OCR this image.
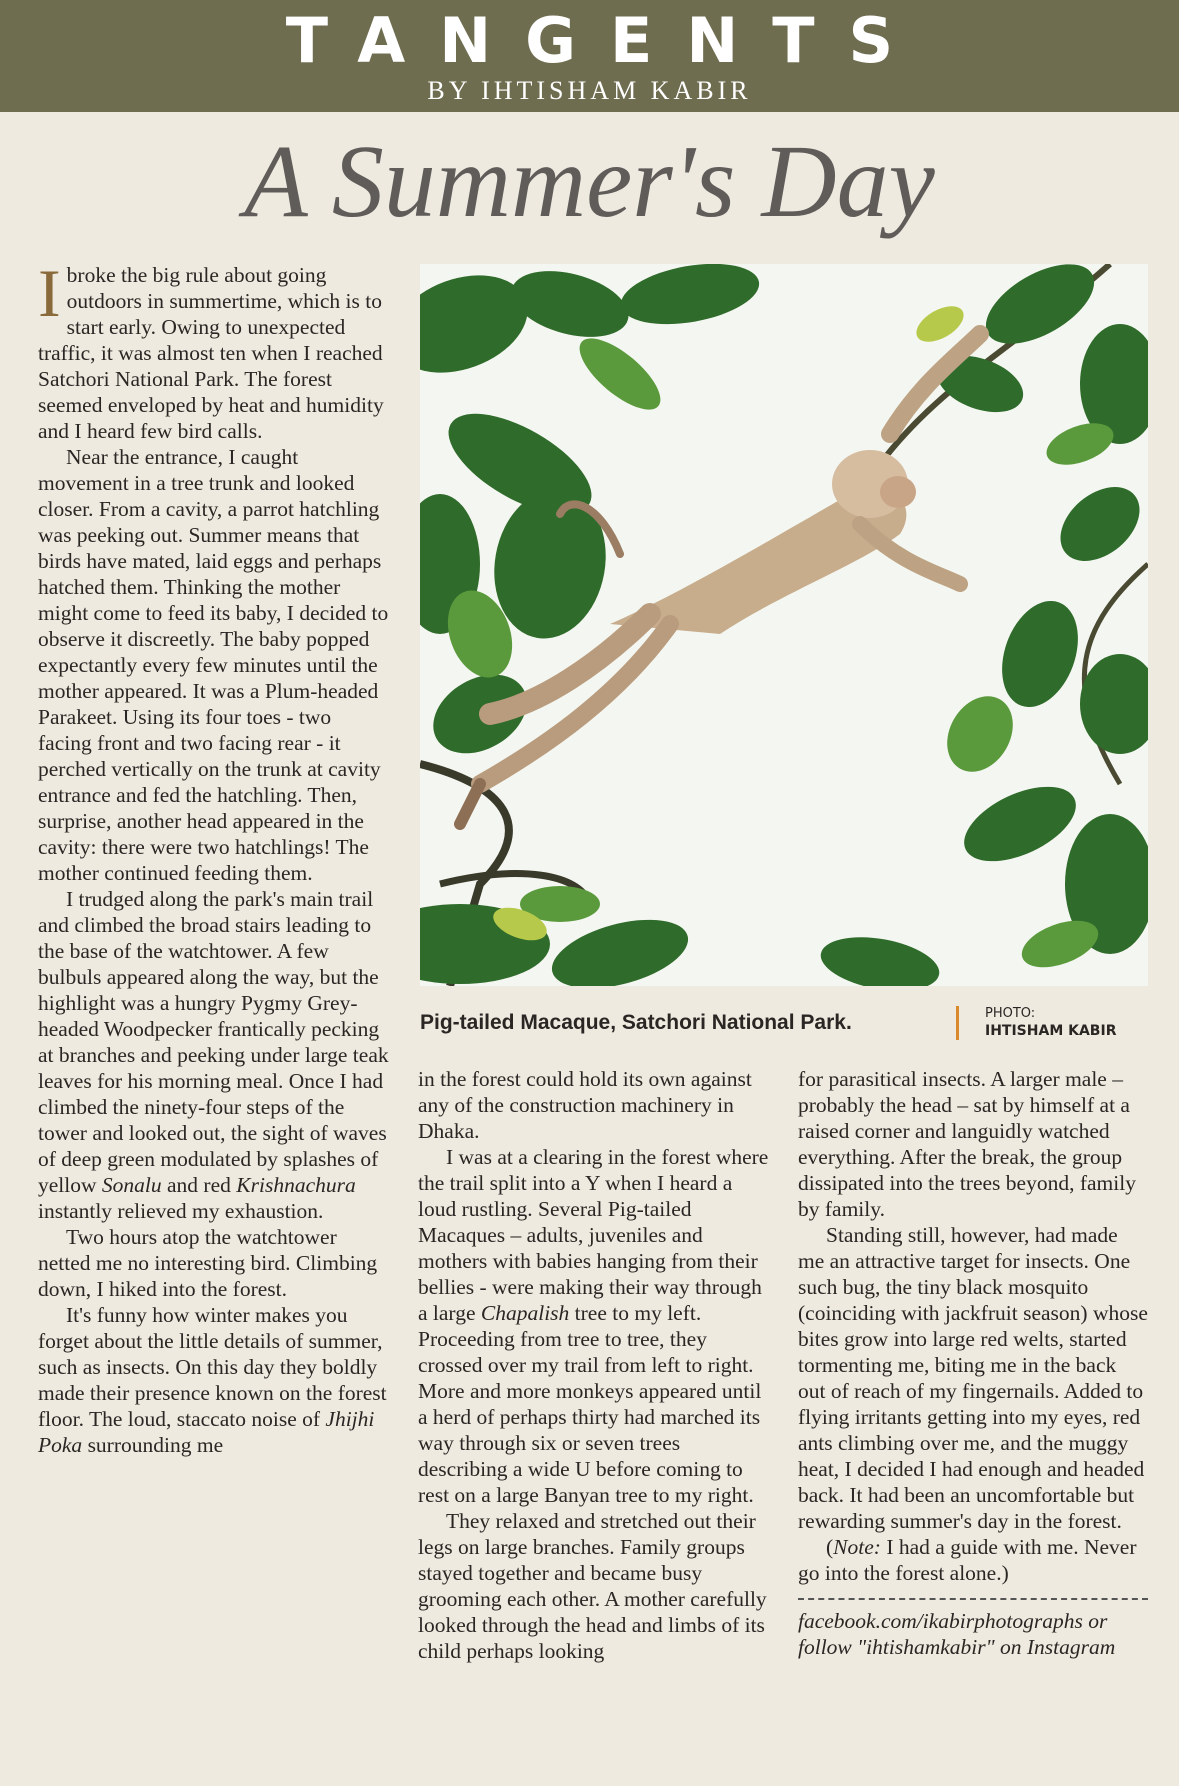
TANGENTS
BY IHTISHAM KABIR
A Summer's Day

Ibroke the big rule about going outdoors in summertime, which is to start early. Owing to unexpected traffic, it was almost ten when I reached Satchori National Park. The forest seemed enveloped by heat and humidity and I heard few bird calls.

Near the entrance, I caught movement in a tree trunk and looked closer. From a cavity, a parrot hatchling was peeking out. Summer means that birds have mated, laid eggs and perhaps hatched them. Thinking the mother might come to feed its baby, I decided to observe it discreetly. The baby popped expectantly every few minutes until the mother appeared. It was a Plum-headed Parakeet. Using its four toes - two facing front and two facing rear - it perched vertically on the trunk at cavity entrance and fed the hatchling. Then, surprise, another head appeared in the cavity: there were two hatchlings! The mother continued feeding them.

I trudged along the park's main trail and climbed the broad stairs leading to the base of the watchtower. A few bulbuls appeared along the way, but the highlight was a hungry Pygmy Grey-headed Woodpecker frantically pecking at branches and peeking under large teak leaves for his morning meal. Once I had climbed the ninety-four steps of the tower and looked out, the sight of waves of deep green modulated by splashes of yellow Sonalu and red Krishnachura instantly relieved my exhaustion.

Two hours atop the watchtower netted me no interesting bird. Climbing down, I hiked into the forest.

It's funny how winter makes you forget about the little details of summer, such as insects. On this day they boldly made their presence known on the forest floor. The loud, staccato noise of Jhijhi Poka surrounding me

Pig-tailed Macaque, Satchori National Park.	PHOTO:
IHTISHAM KABIR

in the forest could hold its own against any of the construction machinery in Dhaka.

I was at a clearing in the forest where the trail split into a Y when I heard a loud rustling. Several Pig-tailed Macaques – adults, juveniles and mothers with babies hanging from their bellies - were making their way through a large Chapalish tree to my left. Proceeding from tree to tree, they crossed over my trail from left to right. More and more monkeys appeared until a herd of perhaps thirty had marched its way through six or seven trees describing a wide U before coming to rest on a large Banyan tree to my right.

They relaxed and stretched out their legs on large branches. Family groups stayed together and became busy grooming each other. A mother carefully looked through the head and limbs of its child perhaps looking

for parasitical insects. A larger male – probably the head – sat by himself at a raised corner and languidly watched everything. After the break, the group dissipated into the trees beyond, family by family.

Standing still, however, had made me an attractive target for insects. One such bug, the tiny black mosquito (coinciding with jackfruit season) whose bites grow into large red welts, started tormenting me, biting me in the back out of reach of my fingernails. Added to flying irritants getting into my eyes, red ants climbing over me, and the muggy heat, I decided I had enough and headed back. It had been an uncomfortable but rewarding summer's day in the forest.

(Note: I had a guide with me. Never go into the forest alone.)

facebook.com/ikabirphotographs or follow "ihtishamkabir" on Instagram
